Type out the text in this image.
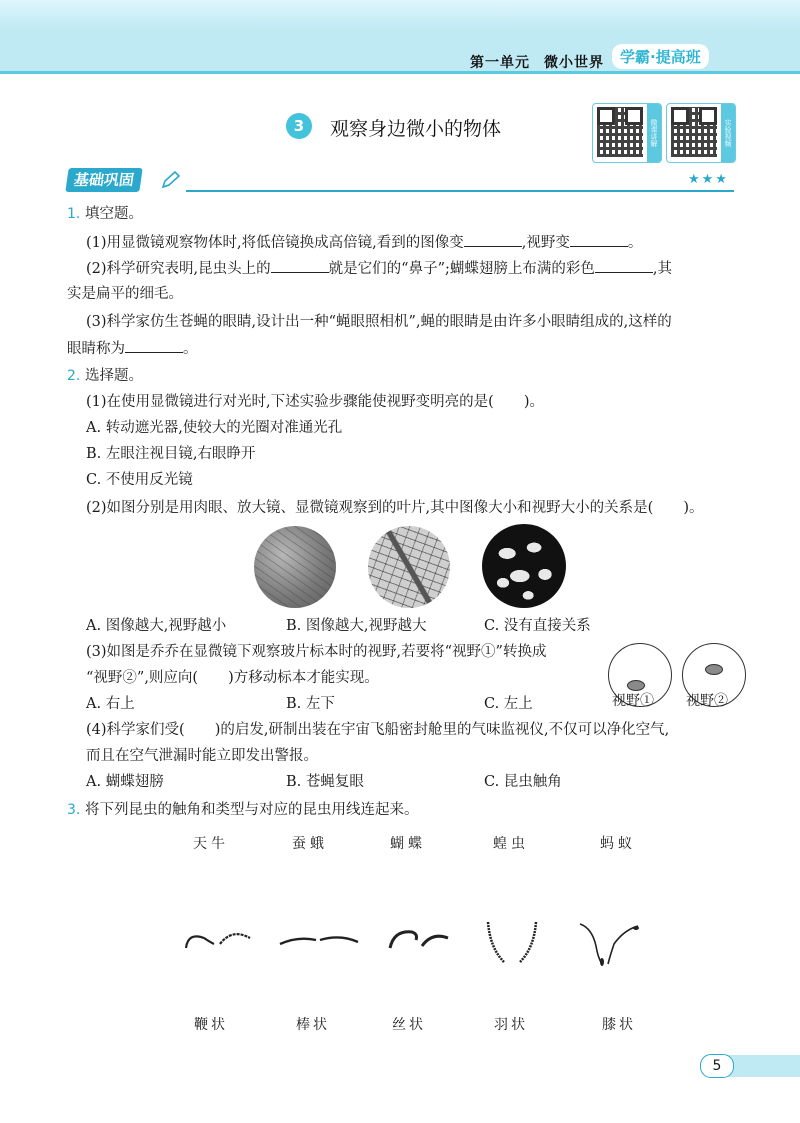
第一单元 微小世界	学霸·提高班
3	观察身边微小的物体	微课讲解	实验视频
基础巩固	★★★
1. 填空题。
(1)用显微镜观察物体时,将低倍镜换成高倍镜,看到的图像变	,视野变	。
(2)科学研究表明,昆虫头上的	就是它们的“鼻子”;蝴蝶翅膀上布满的彩色	,其
实是扁平的细毛。
(3)科学家仿生苍蝇的眼睛,设计出一种“蝇眼照相机”,蝇的眼睛是由许多小眼睛组成的,这样的
眼睛称为	。
2. 选择题。
(1)在使用显微镜进行对光时,下述实验步骤能使视野变明亮的是( )。
A. 转动遮光器,使较大的光圈对准通光孔
B. 左眼注视目镜,右眼睁开
C. 不使用反光镜
(2)如图分别是用肉眼、放大镜、显微镜观察到的叶片,其中图像大小和视野大小的关系是( )。
A. 图像越大,视野越小	B. 图像越大,视野越大	C. 没有直接关系
(3)如图是乔乔在显微镜下观察玻片标本时的视野,若要将“视野①”转换成
“视野②”,则应向( )方移动标本才能实现。
A. 右上	B. 左下	C. 左上	视野① 视野②
(4)科学家们受( )的启发,研制出装在宇宙飞船密封舱里的气味监视仪,不仅可以净化空气,
而且在空气泄漏时能立即发出警报。
A. 蝴蝶翅膀	B. 苍蝇复眼	C. 昆虫触角
3. 将下列昆虫的触角和类型与对应的昆虫用线连起来。
天牛	蚕蛾	蝴蝶	蝗虫	蚂蚁
鞭状	棒状	丝状	羽状	膝状
5
